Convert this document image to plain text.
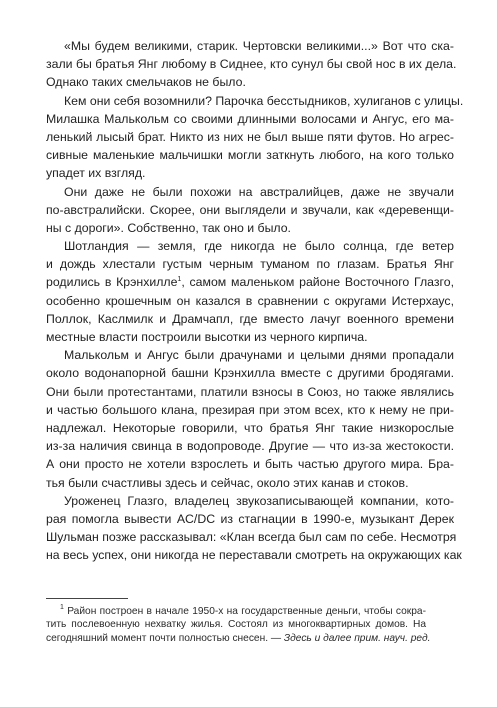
«Мы будем великими, старик. Чертовски великими...» Вот что ска-
зали бы братья Янг любому в Сиднее, кто сунул бы свой нос в их дела.
Однако таких смельчаков не было.
Кем они себя возомнили? Парочка бесстыдников, хулиганов с улицы.
Милашка Малькольм со своими длинными волосами и Ангус, его ма-
ленький лысый брат. Никто из них не был выше пяти футов. Но агрес-
сивные маленькие мальчишки могли заткнуть любого, на кого только
упадет их взгляд.
Они даже не были похожи на австралийцев, даже не звучали
по-австралийски. Скорее, они выглядели и звучали, как «деревенщи-
ны с дороги». Собственно, так оно и было.
Шотландия — земля, где никогда не было солнца, где ветер
и дождь хлестали густым черным туманом по глазам. Братья Янг
родились в Крэнхилле$^1$, самом маленьком районе Восточного Глазго,
особенно крошечным он казался в сравнении с округами Истерхаус,
Поллок, Каслмилк и Драмчапл, где вместо лачуг военного времени
местные власти построили высотки из черного кирпича.
Малькольм и Ангус были драчунами и целыми днями пропадали
около водонапорной башни Крэнхилла вместе с другими бродягами.
Они были протестантами, платили взносы в Союз, но также являлись
и частью большого клана, презирая при этом всех, кто к нему не при-
надлежал. Некоторые говорили, что братья Янг такие низкорослые
из-за наличия свинца в водопроводе. Другие — что из-за жестокости.
А они просто не хотели взрослеть и быть частью другого мира. Бра-
тья были счастливы здесь и сейчас, около этих канав и стоков.
Уроженец Глазго, владелец звукозаписывающей компании, кото-
рая помогла вывести AC/DC из стагнации в 1990-е, музыкант Дерек
Шульман позже рассказывал: «Клан всегда был сам по себе. Несмотря
на весь успех, они никогда не переставали смотреть на окружающих как
$^1$ Район построен в начале 1950-х на государственные деньги, чтобы сокра-
тить послевоенную нехватку жилья. Состоял из многоквартирных домов. На
сегодняшний момент почти полностью снесен. — Здесь и далее прим. науч. ред.
